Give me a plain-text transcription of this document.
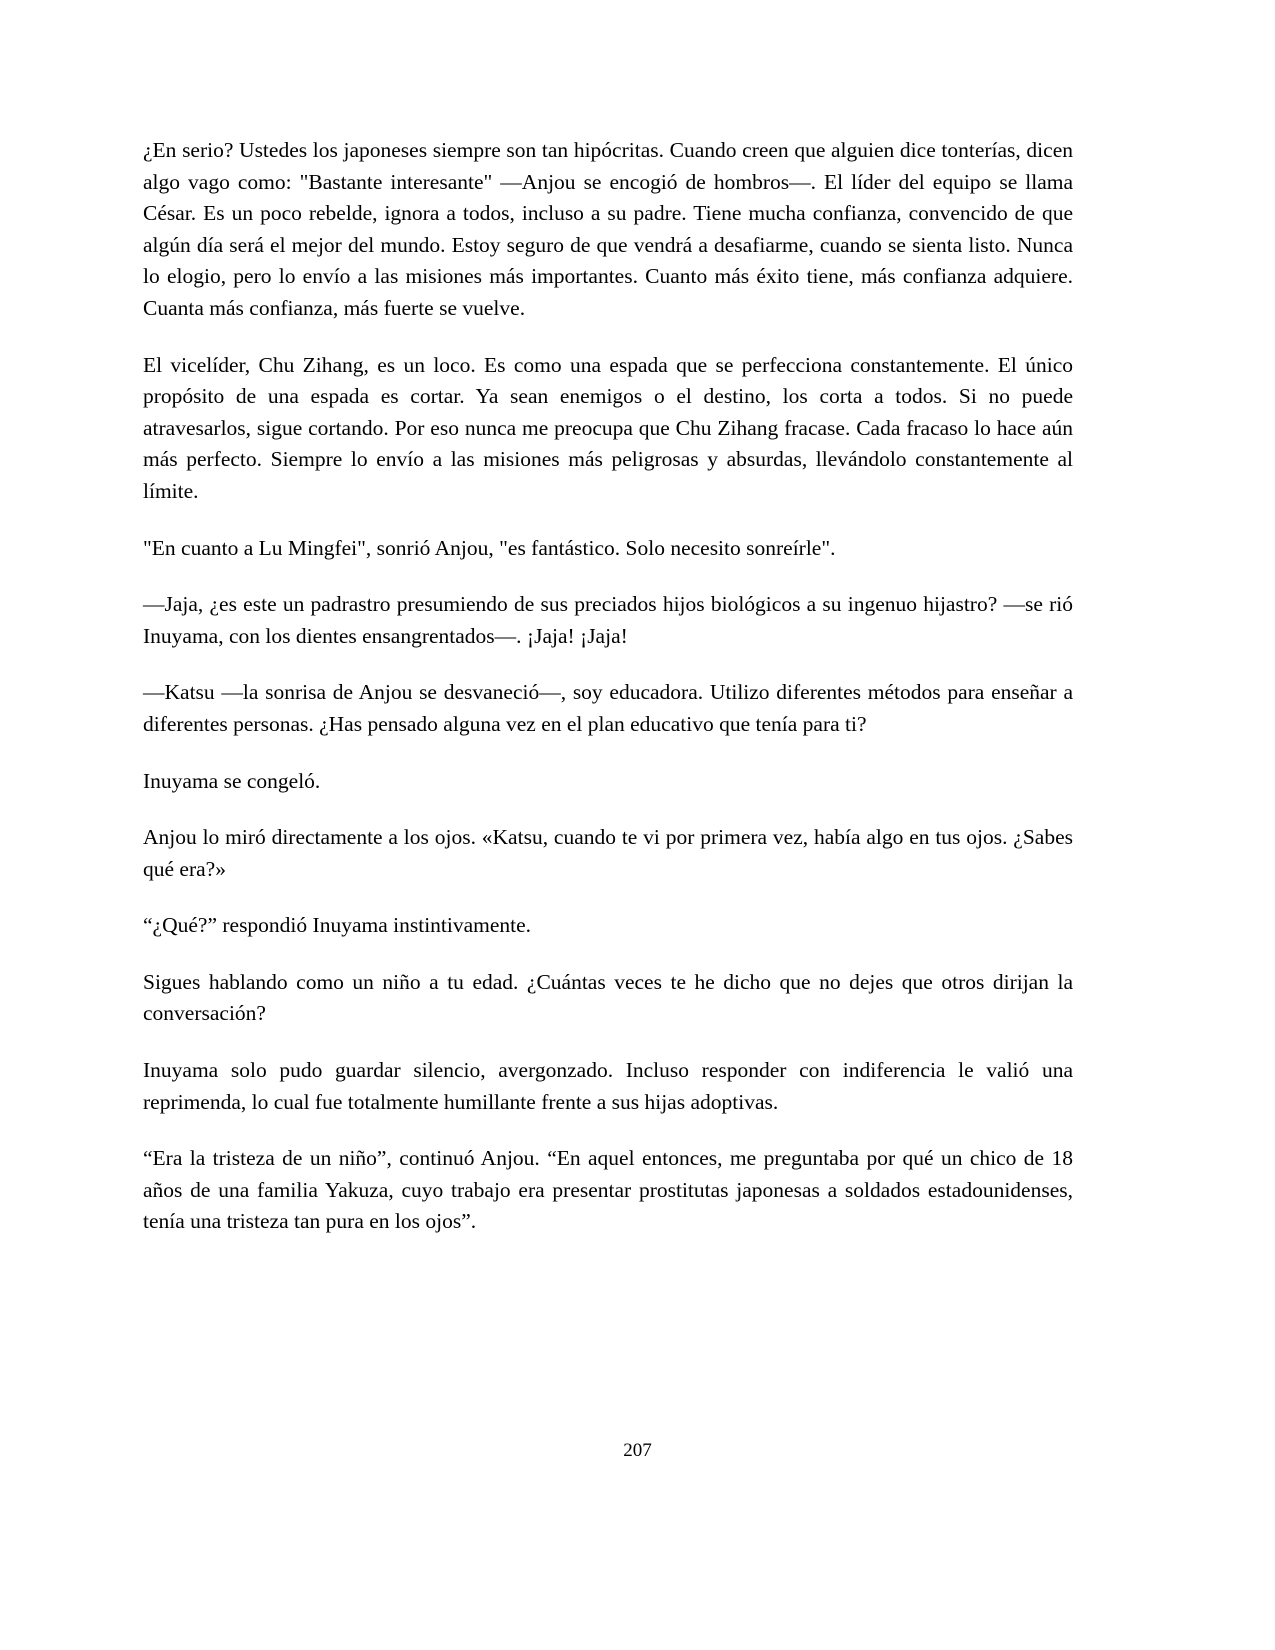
¿En serio? Ustedes los japoneses siempre son tan hipócritas. Cuando creen que alguien dice tonterías, dicen algo vago como: "Bastante interesante" —Anjou se encogió de hombros—. El líder del equipo se llama César. Es un poco rebelde, ignora a todos, incluso a su padre. Tiene mucha confianza, convencido de que algún día será el mejor del mundo. Estoy seguro de que vendrá a desafiarme, cuando se sienta listo. Nunca lo elogio, pero lo envío a las misiones más importantes. Cuanto más éxito tiene, más confianza adquiere. Cuanta más confianza, más fuerte se vuelve.

El vicelíder, Chu Zihang, es un loco. Es como una espada que se perfecciona constantemente. El único propósito de una espada es cortar. Ya sean enemigos o el destino, los corta a todos. Si no puede atravesarlos, sigue cortando. Por eso nunca me preocupa que Chu Zihang fracase. Cada fracaso lo hace aún más perfecto. Siempre lo envío a las misiones más peligrosas y absurdas, llevándolo constantemente al límite.

"En cuanto a Lu Mingfei", sonrió Anjou, "es fantástico. Solo necesito sonreírle".

—Jaja, ¿es este un padrastro presumiendo de sus preciados hijos biológicos a su ingenuo hijastro? —se rió Inuyama, con los dientes ensangrentados—. ¡Jaja! ¡Jaja!

—Katsu —la sonrisa de Anjou se desvaneció—, soy educadora. Utilizo diferentes métodos para enseñar a diferentes personas. ¿Has pensado alguna vez en el plan educativo que tenía para ti?

Inuyama se congeló.

Anjou lo miró directamente a los ojos. «Katsu, cuando te vi por primera vez, había algo en tus ojos. ¿Sabes qué era?»

“¿Qué?” respondió Inuyama instintivamente.

Sigues hablando como un niño a tu edad. ¿Cuántas veces te he dicho que no dejes que otros dirijan la conversación?

Inuyama solo pudo guardar silencio, avergonzado. Incluso responder con indiferencia le valió una reprimenda, lo cual fue totalmente humillante frente a sus hijas adoptivas.

“Era la tristeza de un niño”, continuó Anjou. “En aquel entonces, me preguntaba por qué un chico de 18 años de una familia Yakuza, cuyo trabajo era presentar prostitutas japonesas a soldados estadounidenses, tenía una tristeza tan pura en los ojos”.

207
